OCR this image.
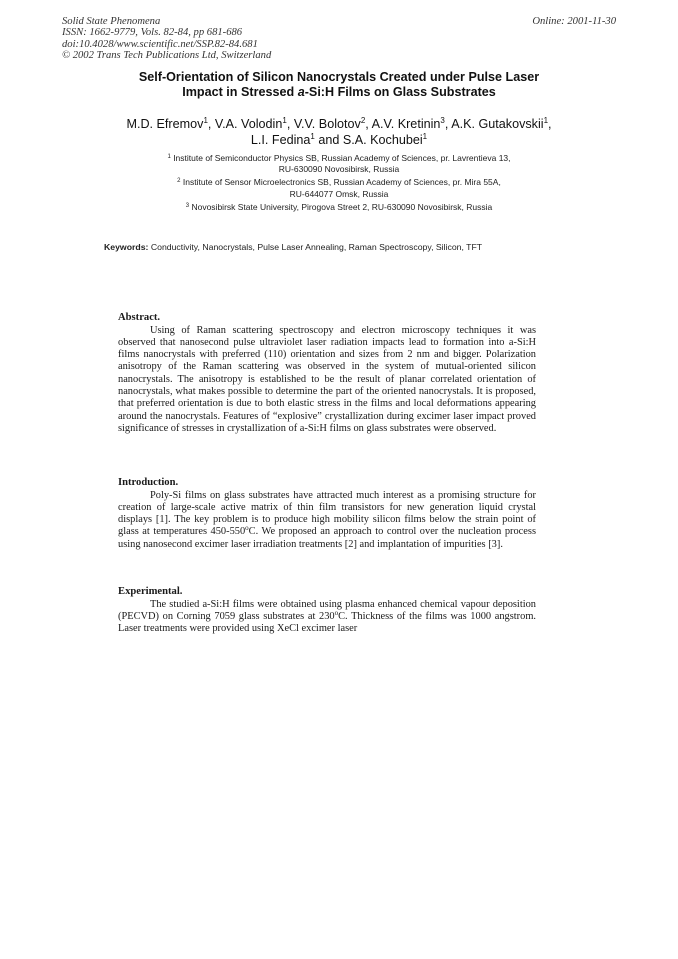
Solid State Phenomena
ISSN: 1662-9779, Vols. 82-84, pp 681-686
doi:10.4028/www.scientific.net/SSP.82-84.681
© 2002 Trans Tech Publications Ltd, Switzerland
Online: 2001-11-30
Self-Orientation of Silicon Nanocrystals Created under Pulse Laser
Impact in Stressed a-Si:H Films on Glass Substrates
M.D. Efremov$^1$, V.A. Volodin$^1$, V.V. Bolotov$^2$, A.V. Kretinin$^3$, A.K. Gutakovskii$^1$,
L.I. Fedina$^1$ and S.A. Kochubei$^1$
$^1$ Institute of Semiconductor Physics SB, Russian Academy of Sciences, pr. Lavrentieva 13,
RU-630090 Novosibirsk, Russia
$^2$ Institute of Sensor Microelectronics SB, Russian Academy of Sciences, pr. Mira 55A,
RU-644077 Omsk, Russia
$^3$ Novosibirsk State University, Pirogova Street 2, RU-630090 Novosibirsk, Russia
Keywords: Conductivity, Nanocrystals, Pulse Laser Annealing, Raman Spectroscopy, Silicon, TFT
Abstract.

Using of Raman scattering spectroscopy and electron microscopy techniques it was observed that nanosecond pulse ultraviolet laser radiation impacts lead to formation into a-Si:H films nanocrystals with preferred (110) orientation and sizes from 2 nm and bigger. Polarization anisotropy of the Raman scattering was observed in the system of mutual-oriented silicon nanocrystals. The anisotropy is established to be the result of planar correlated orientation of nanocrystals, what makes possible to determine the part of the oriented nanocrystals. It is proposed, that preferred orientation is due to both elastic stress in the films and local deformations appearing around the nanocrystals. Features of “explosive” crystallization during excimer laser impact proved significance of stresses in crystallization of a-Si:H films on glass substrates were observed.

Introduction.

Poly-Si films on glass substrates have attracted much interest as a promising structure for creation of large-scale active matrix of thin film transistors for new generation liquid crystal displays [1]. The key problem is to produce high mobility silicon films below the strain point of glass at temperatures 450-550$^o$C. We proposed an approach to control over the nucleation process using nanosecond excimer laser irradiation treatments [2] and implantation of impurities [3].

Experimental.

The studied a-Si:H films were obtained using plasma enhanced chemical vapour deposition (PECVD) on Corning 7059 glass substrates at 230$^o$C. Thickness of the films was 1000 angstrom. Laser treatments were provided using XeCl excimer laser
